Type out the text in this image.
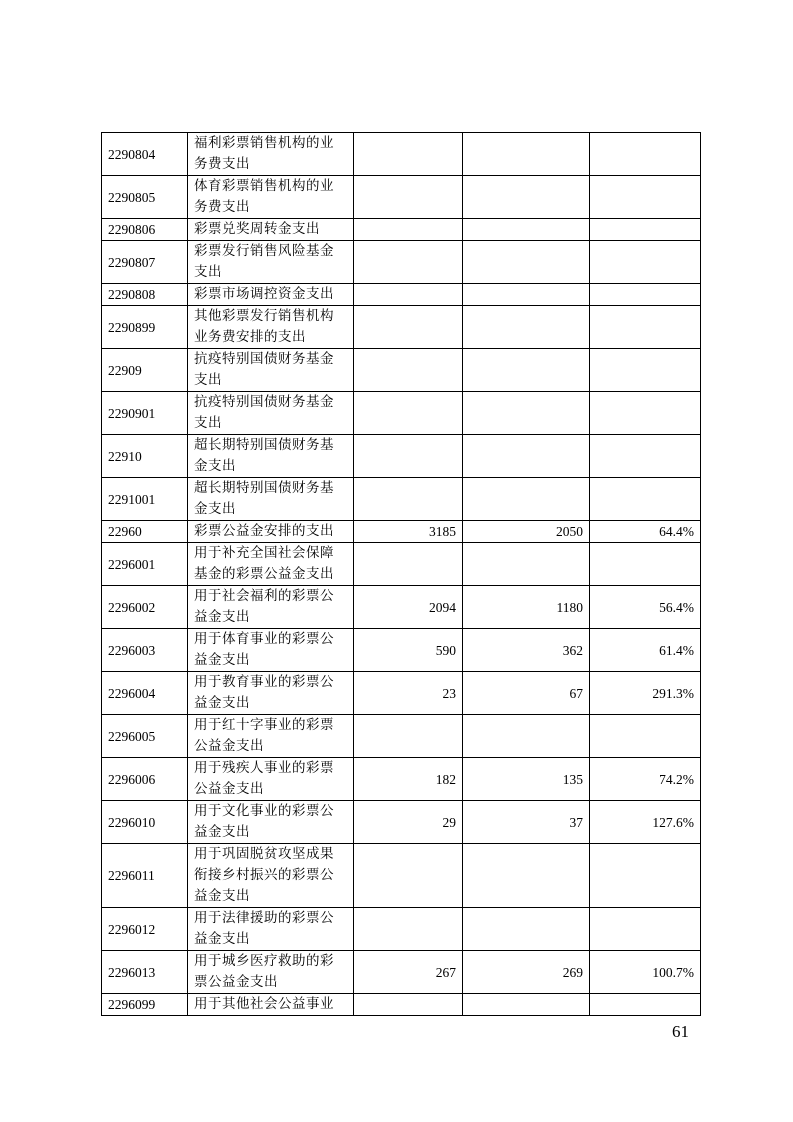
2290804	福利彩票销售机构的业务费支出			
2290805	体育彩票销售机构的业务费支出			
2290806	彩票兑奖周转金支出			
2290807	彩票发行销售风险基金支出			
2290808	彩票市场调控资金支出			
2290899	其他彩票发行销售机构业务费安排的支出			
22909	抗疫特别国债财务基金支出			
2290901	抗疫特别国债财务基金支出			
22910	超长期特别国债财务基金支出			
2291001	超长期特别国债财务基金支出			
22960	彩票公益金安排的支出	3185	2050	64.4%
2296001	用于补充全国社会保障基金的彩票公益金支出			
2296002	用于社会福利的彩票公益金支出	2094	1180	56.4%
2296003	用于体育事业的彩票公益金支出	590	362	61.4%
2296004	用于教育事业的彩票公益金支出	23	67	291.3%
2296005	用于红十字事业的彩票公益金支出			
2296006	用于残疾人事业的彩票公益金支出	182	135	74.2%
2296010	用于文化事业的彩票公益金支出	29	37	127.6%
2296011	用于巩固脱贫攻坚成果衔接乡村振兴的彩票公益金支出			
2296012	用于法律援助的彩票公益金支出			
2296013	用于城乡医疗救助的彩票公益金支出	267	269	100.7%
2296099	用于其他社会公益事业			
61
